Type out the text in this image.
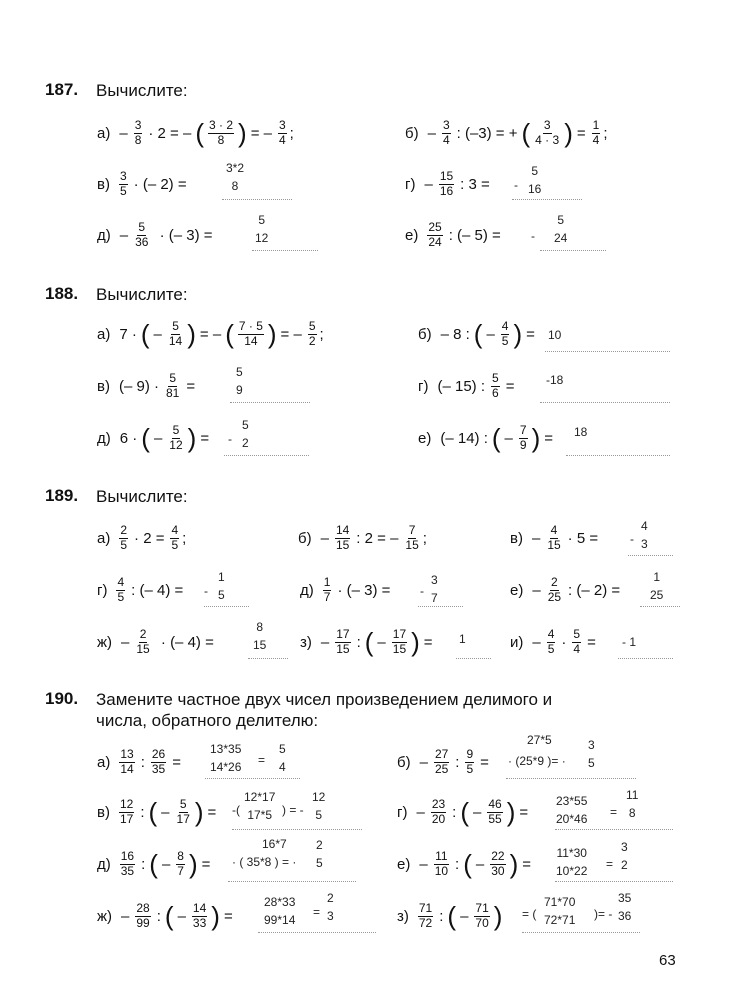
187. Вычислите:
$а) - \frac{3}{8} \cdot 2$ = – ( $\frac{3 \cdot 2}{8}$ ) = – $\frac{3}{4}$ ;	$б) - \frac{3}{4}$ : (–3) = + ( $\frac{3}{4 \cdot 3}$ ) = $\frac{1}{4}$ ;
$в) \frac{3}{5}$ · (– 2) =
3*2
8	$г) - \frac{15}{16}$ : 3 = -
5
16
$д) - \frac{5}{36}$ · (– 3) =
5
12	$е) \frac{25}{24}$ : (– 5) =	-
5
24
188. Вычислите:
а) 7 · ( – $\frac{5}{14}$ ) = – ( $\frac{7 \cdot 5}{14}$ ) = – $\frac{5}{2}$ ;	б) – 8 : ( – $\frac{4}{5}$ ) = 10
в) (– $9) \cdot \frac{5}{81}$ =
5
9	г) (– 15) : $\frac{5}{6}$ =	-18
д) 6 · ( – $\frac{5}{12}$ ) = -
5
2	е) (– 14) : ( – $\frac{7}{9}$ ) = 18
189. Вычислите:
$а) \frac{2}{5} \cdot 2 = \frac{4}{5}$ ;	$б) - \frac{14}{15}$ : 2 = – $\frac{7}{15}$ ;	$в) - \frac{4}{15} \cdot 5$ =	-
4
3
$г) \frac{4}{5}$ : (– 4) = -
1
5	$д) \frac{1}{7}$ · (– 3) = -
3
7	$е) - \frac{2}{25}$ : (– 2) =
1
25
$ж) - \frac{2}{15}$ · (– 4) =
8
15 $з) - \frac{17}{15}$ : ( – $\frac{17}{15}$ ) = 1	$и) - \frac{4}{5} \cdot \frac{5}{4}$ = - 1
190. Замените частное двух чисел произведением делимого и
числа, обратного делителю:
$а) \frac{13}{14}$ : $\frac{26}{35}$ =
13*35
14*26 =
5
4	$б) - \frac{27}{25}$ : $\frac{9}{5}$ =
27*5
· (25*9 )= ·
3
5
$в) \frac{12}{17}$ : ( – $\frac{5}{17}$ ) = -(
12*17
17*5 ) = -
12
5	$г) - \frac{23}{20}$ : ( – $\frac{46}{55}$ ) =
23*55
20*46 =
11
8
$д) \frac{16}{35}$ : ( – $\frac{8}{7}$ ) =
16*7
· ( 35*8 ) = ·
2
5	$е) - \frac{11}{10}$ : ( – $\frac{22}{30}$ ) =
11*30
10*22 =
3
2
$ж) - \frac{28}{99}$ : ( – $\frac{14}{33}$ ) =
28*33
99*14
=
2
3	$з) \frac{71}{72}$ : ( – $\frac{71}{70}$ ) = (
71*70
72*71 )= -
35
36
63
